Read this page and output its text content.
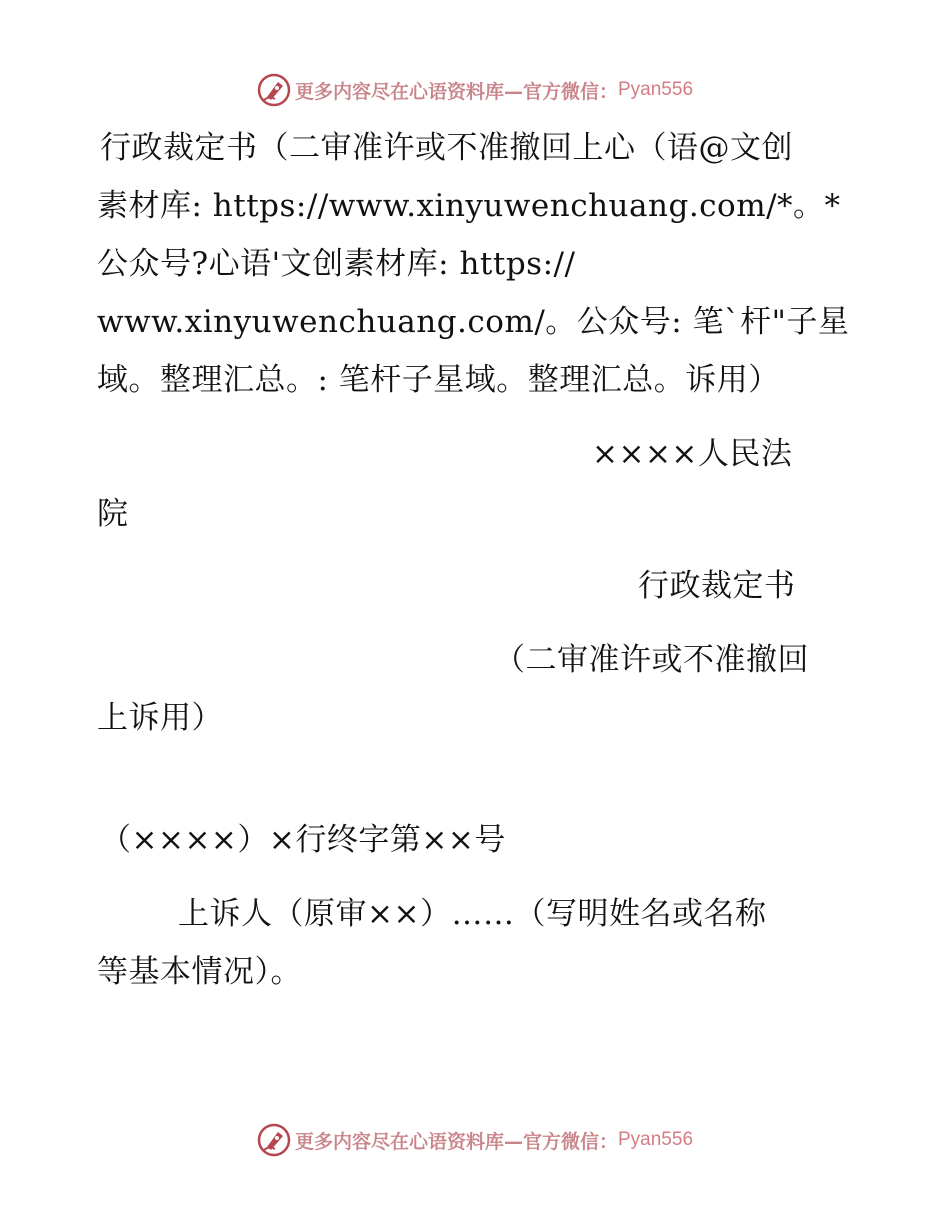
更多内容尽在心语资料库—官方微信： Pyan556
行政裁定书（二审准许或不准撤回上心（语@文创
素材库: https://www.xinyuwenchuang.com/*。*
公众号?心语'文创素材库: https://
www.xinyuwenchuang.com/。公众号: 笔`杆"子星
域。整理汇总。: 笔杆子星域。整理汇总。诉用）
××××人民法
院
行政裁定书
（二审准许或不准撤回
上诉用）
（××××）×行终字第××号
上诉人（原审××）……（写明姓名或名称
等基本情况）。
更多内容尽在心语资料库—官方微信： Pyan556
